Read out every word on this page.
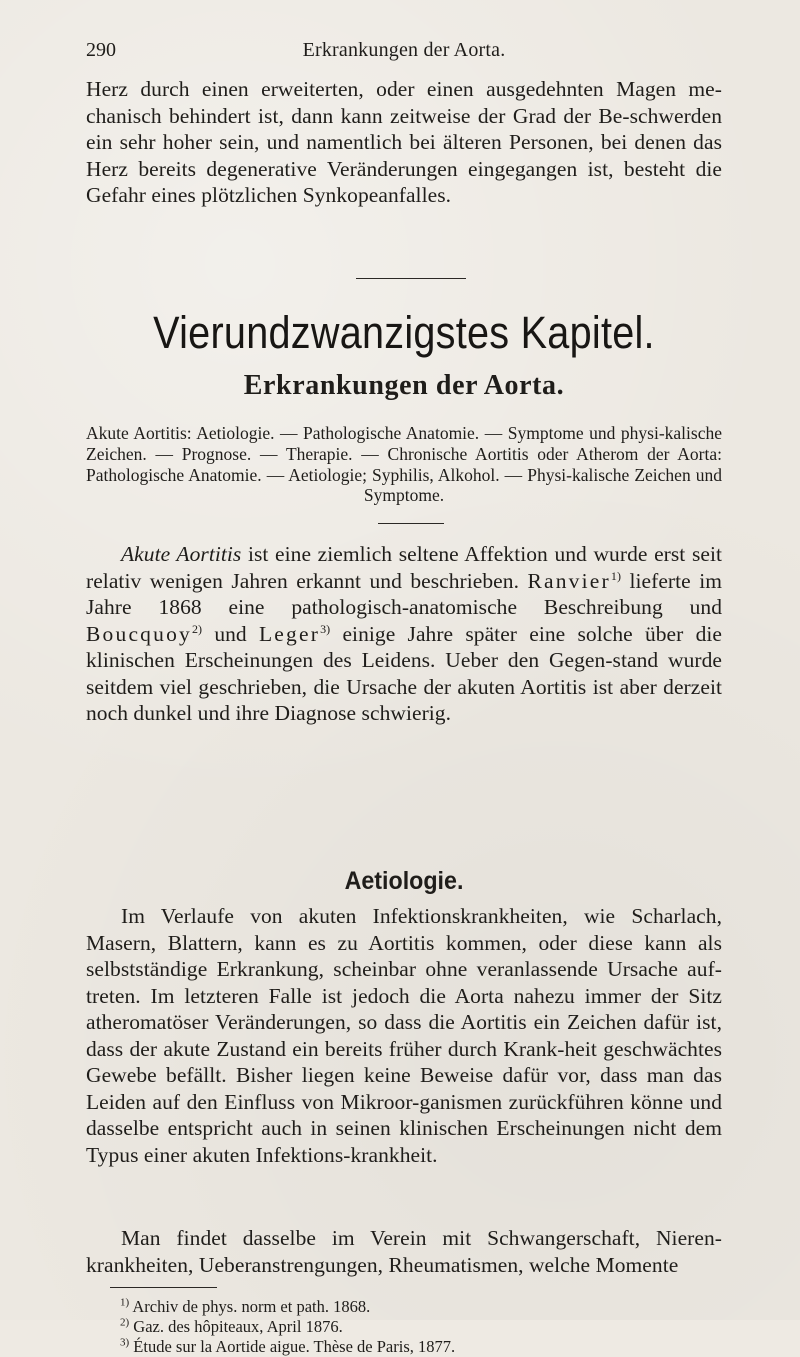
290	Erkrankungen der Aorta.
Herz durch einen erweiterten, oder einen ausgedehnten Magen me-chanisch behindert ist, dann kann zeitweise der Grad der Be-schwerden ein sehr hoher sein, und namentlich bei älteren Personen, bei denen das Herz bereits degenerative Veränderungen eingegangen ist, besteht die Gefahr eines plötzlichen Synkopeanfalles.
Vierundzwanzigstes Kapitel.
Erkrankungen der Aorta.
Akute Aortitis: Aetiologie. — Pathologische Anatomie. — Symptome und physi-kalische Zeichen. — Prognose. — Therapie. — Chronische Aortitis oder Atherom der Aorta: Pathologische Anatomie. — Aetiologie; Syphilis, Alkohol. — Physi-kalische Zeichen und Symptome.
Akute Aortitis ist eine ziemlich seltene Affektion und wurde erst seit relativ wenigen Jahren erkannt und beschrieben. Ranvier$^{1)}$ lieferte im Jahre 1868 eine pathologisch-anatomische Beschreibung und Boucquoy$^{2)}$ und Leger$^{3)}$ einige Jahre später eine solche über die klinischen Erscheinungen des Leidens. Ueber den Gegen-stand wurde seitdem viel geschrieben, die Ursache der akuten Aortitis ist aber derzeit noch dunkel und ihre Diagnose schwierig.
Aetiologie.
Im Verlaufe von akuten Infektionskrankheiten, wie Scharlach, Masern, Blattern, kann es zu Aortitis kommen, oder diese kann als selbstständige Erkrankung, scheinbar ohne veranlassende Ursache auf-treten. Im letzteren Falle ist jedoch die Aorta nahezu immer der Sitz atheromatöser Veränderungen, so dass die Aortitis ein Zeichen dafür ist, dass der akute Zustand ein bereits früher durch Krank-heit geschwächtes Gewebe befällt. Bisher liegen keine Beweise dafür vor, dass man das Leiden auf den Einfluss von Mikroor-ganismen zurückführen könne und dasselbe entspricht auch in seinen klinischen Erscheinungen nicht dem Typus einer akuten Infektions-krankheit.
Man findet dasselbe im Verein mit Schwangerschaft, Nieren-krankheiten, Ueberanstrengungen, Rheumatismen, welche Momente
$^{1)}$ Archiv de phys. norm et path. 1868.
$^{2)}$ Gaz. des hôpiteaux, April 1876.
$^{3)}$ Étude sur la Aortide aigue. Thèse de Paris, 1877.
